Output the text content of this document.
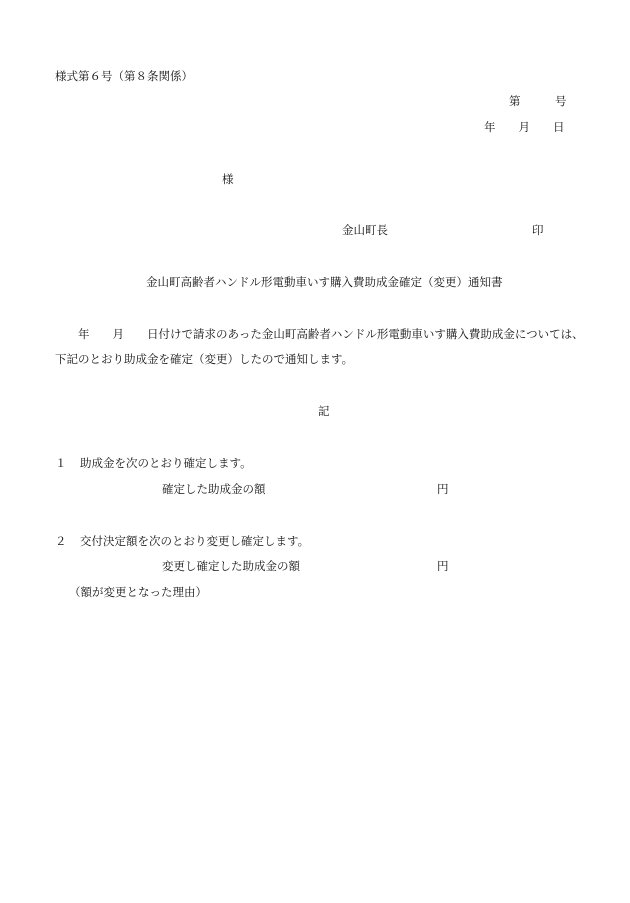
様式第６号（第８条関係）
第　　　号
年　　月　　日
様
金山町長	印
金山町高齢者ハンドル形電動車いす購入費助成金確定（変更）通知書
年　　月　　日付けで請求のあった金山町高齢者ハンドル形電動車いす購入費助成金については、
下記のとおり助成金を確定（変更）したので通知します。
記
１ 助成金を次のとおり確定します。
確定した助成金の額	円
２ 交付決定額を次のとおり変更し確定します。
変更し確定した助成金の額	円
（額が変更となった理由）
